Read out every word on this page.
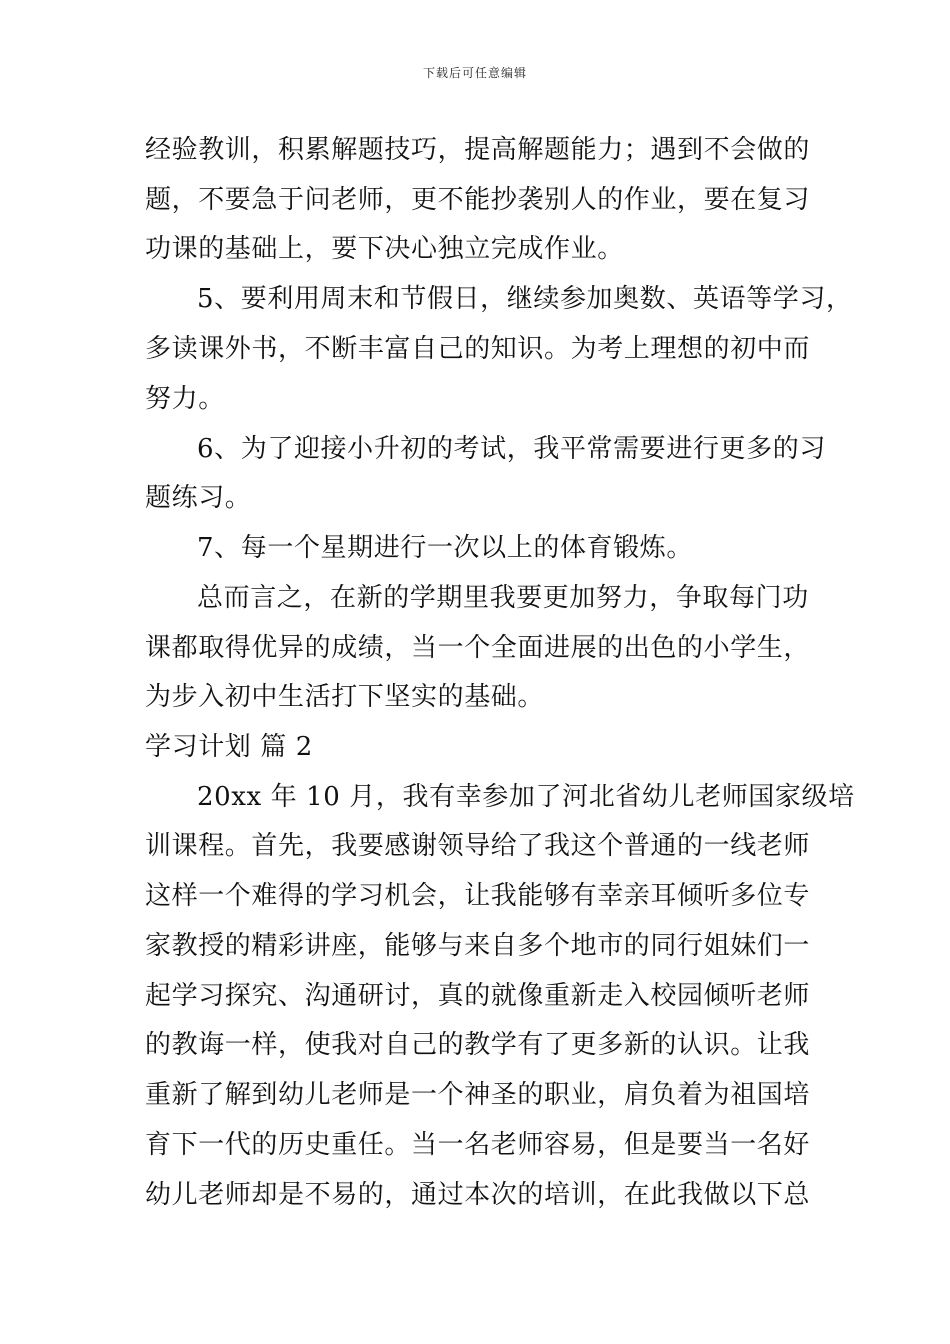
下载后可任意编辑
经验教训，积累解题技巧，提高解题能力；遇到不会做的
题，不要急于问老师，更不能抄袭别人的作业，要在复习
功课的基础上，要下决心独立完成作业。
5、要利用周末和节假日，继续参加奥数、英语等学习，
多读课外书，不断丰富自己的知识。为考上理想的初中而
努力。
6、为了迎接小升初的考试，我平常需要进行更多的习
题练习。
7、每一个星期进行一次以上的体育锻炼。
总而言之，在新的学期里我要更加努力，争取每门功
课都取得优异的成绩，当一个全面进展的出色的小学生，
为步入初中生活打下坚实的基础。
学习计划 篇 2
20xx 年 10 月，我有幸参加了河北省幼儿老师国家级培
训课程。首先，我要感谢领导给了我这个普通的一线老师
这样一个难得的学习机会，让我能够有幸亲耳倾听多位专
家教授的精彩讲座，能够与来自多个地市的同行姐妹们一
起学习探究、沟通研讨，真的就像重新走入校园倾听老师
的教诲一样，使我对自己的教学有了更多新的认识。让我
重新了解到幼儿老师是一个神圣的职业，肩负着为祖国培
育下一代的历史重任。当一名老师容易，但是要当一名好
幼儿老师却是不易的，通过本次的培训，在此我做以下总
